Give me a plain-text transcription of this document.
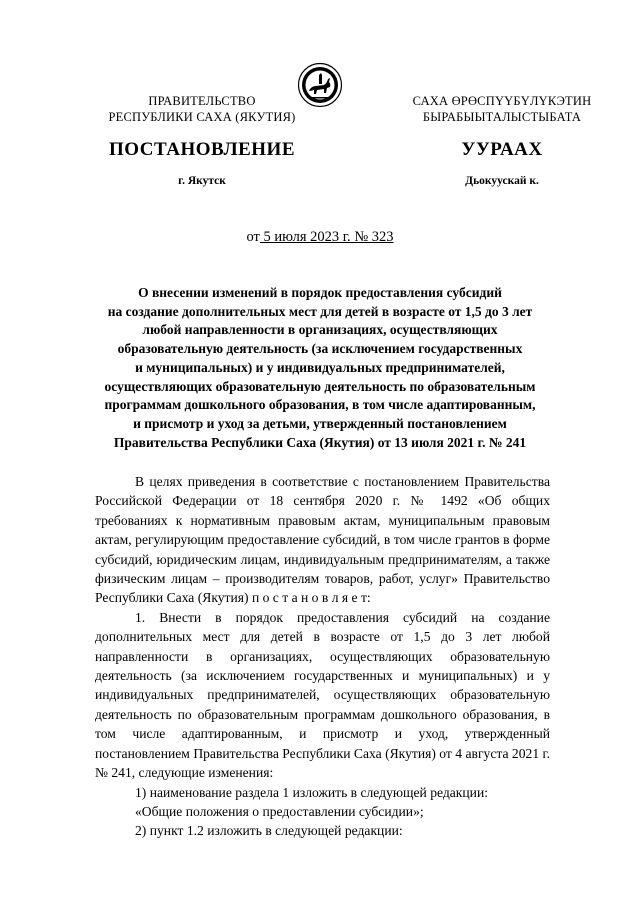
ПРАВИТЕЛЬСТВО
РЕСПУБЛИКИ САХА (ЯКУТИЯ)
САХА ӨРӨСПҮҮБҮЛҮКЭТИН
БЫРАБЫЫТАЛЫСТЫБАТА
ПОСТАНОВЛЕНИЕ	УУРААХ
г. Якутск	Дьокуускай к.
от 5 июля 2023 г. № 323
О внесении изменений в порядок предоставления субсидий
на создание дополнительных мест для детей в возрасте от 1,5 до 3 лет
любой направленности в организациях, осуществляющих
образовательную деятельность (за исключением государственных
и муниципальных) и у индивидуальных предпринимателей,
осуществляющих образовательную деятельность по образовательным
программам дошкольного образования, в том числе адаптированным,
и присмотр и уход за детьми, утвержденный постановлением
Правительства Республики Саха (Якутия) от 13 июля 2021 г. № 241

В целях приведения в соответствие с постановлением Правительства Российской Федерации от 18 сентября 2020 г. № 1492 «Об общих требованиях к нормативным правовым актам, муниципальным правовым актам, регулирующим предоставление субсидий, в том числе грантов в форме субсидий, юридическим лицам, индивидуальным предпринимателям, а также физическим лицам – производителям товаров, работ, услуг» Правительство Республики Саха (Якутия) п о с т а н о в л я е т:

1. Внести в порядок предоставления субсидий на создание дополнительных мест для детей в возрасте от 1,5 до 3 лет любой направленности в организациях, осуществляющих образовательную деятельность (за исключением государственных и муниципальных) и у индивидуальных предпринимателей, осуществляющих образовательную деятельность по образовательным программам дошкольного образования, в том числе адаптированным, и присмотр и уход, утвержденный постановлением Правительства Республики Саха (Якутия) от 4 августа 2021 г. № 241, следующие изменения:

1) наименование раздела 1 изложить в следующей редакции:

«Общие положения о предоставлении субсидии»;

2) пункт 1.2 изложить в следующей редакции:
